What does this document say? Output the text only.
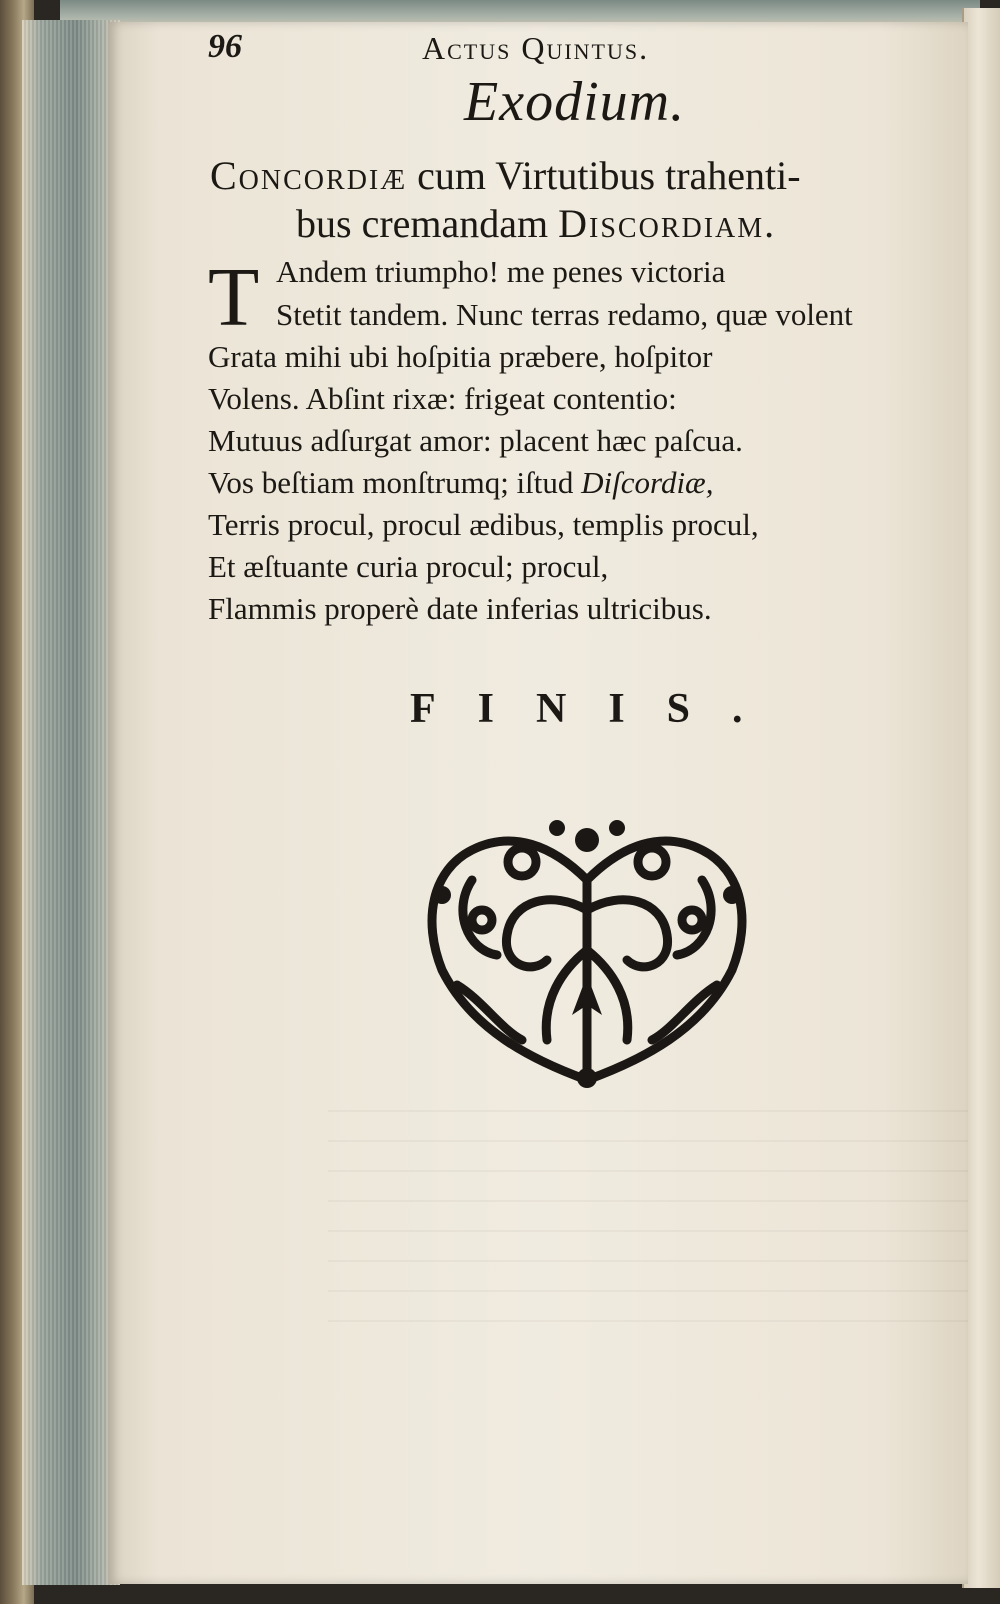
96	Actus Quintus.
Exodium.
Concordiæ cum Virtutibus trahenti-
bus cremandam Discordiam.
T Andem triumpho! me penes victoria
Stetit tandem. Nunc terras redamo, quæ volent
Grata mihi ubi hoſpitia præbere, hoſpitor
Volens. Abſint rixæ: frigeat contentio:
Mutuus adſurgat amor: placent hæc paſcua.
Vos beſtiam monſtrumq; iſtud Diſcordiæ,
Terris procul, procul ædibus, templis procul,
Et æſtuante curia procul; procul,
Flammis properè date inferias ultricibus.
FINIS.
